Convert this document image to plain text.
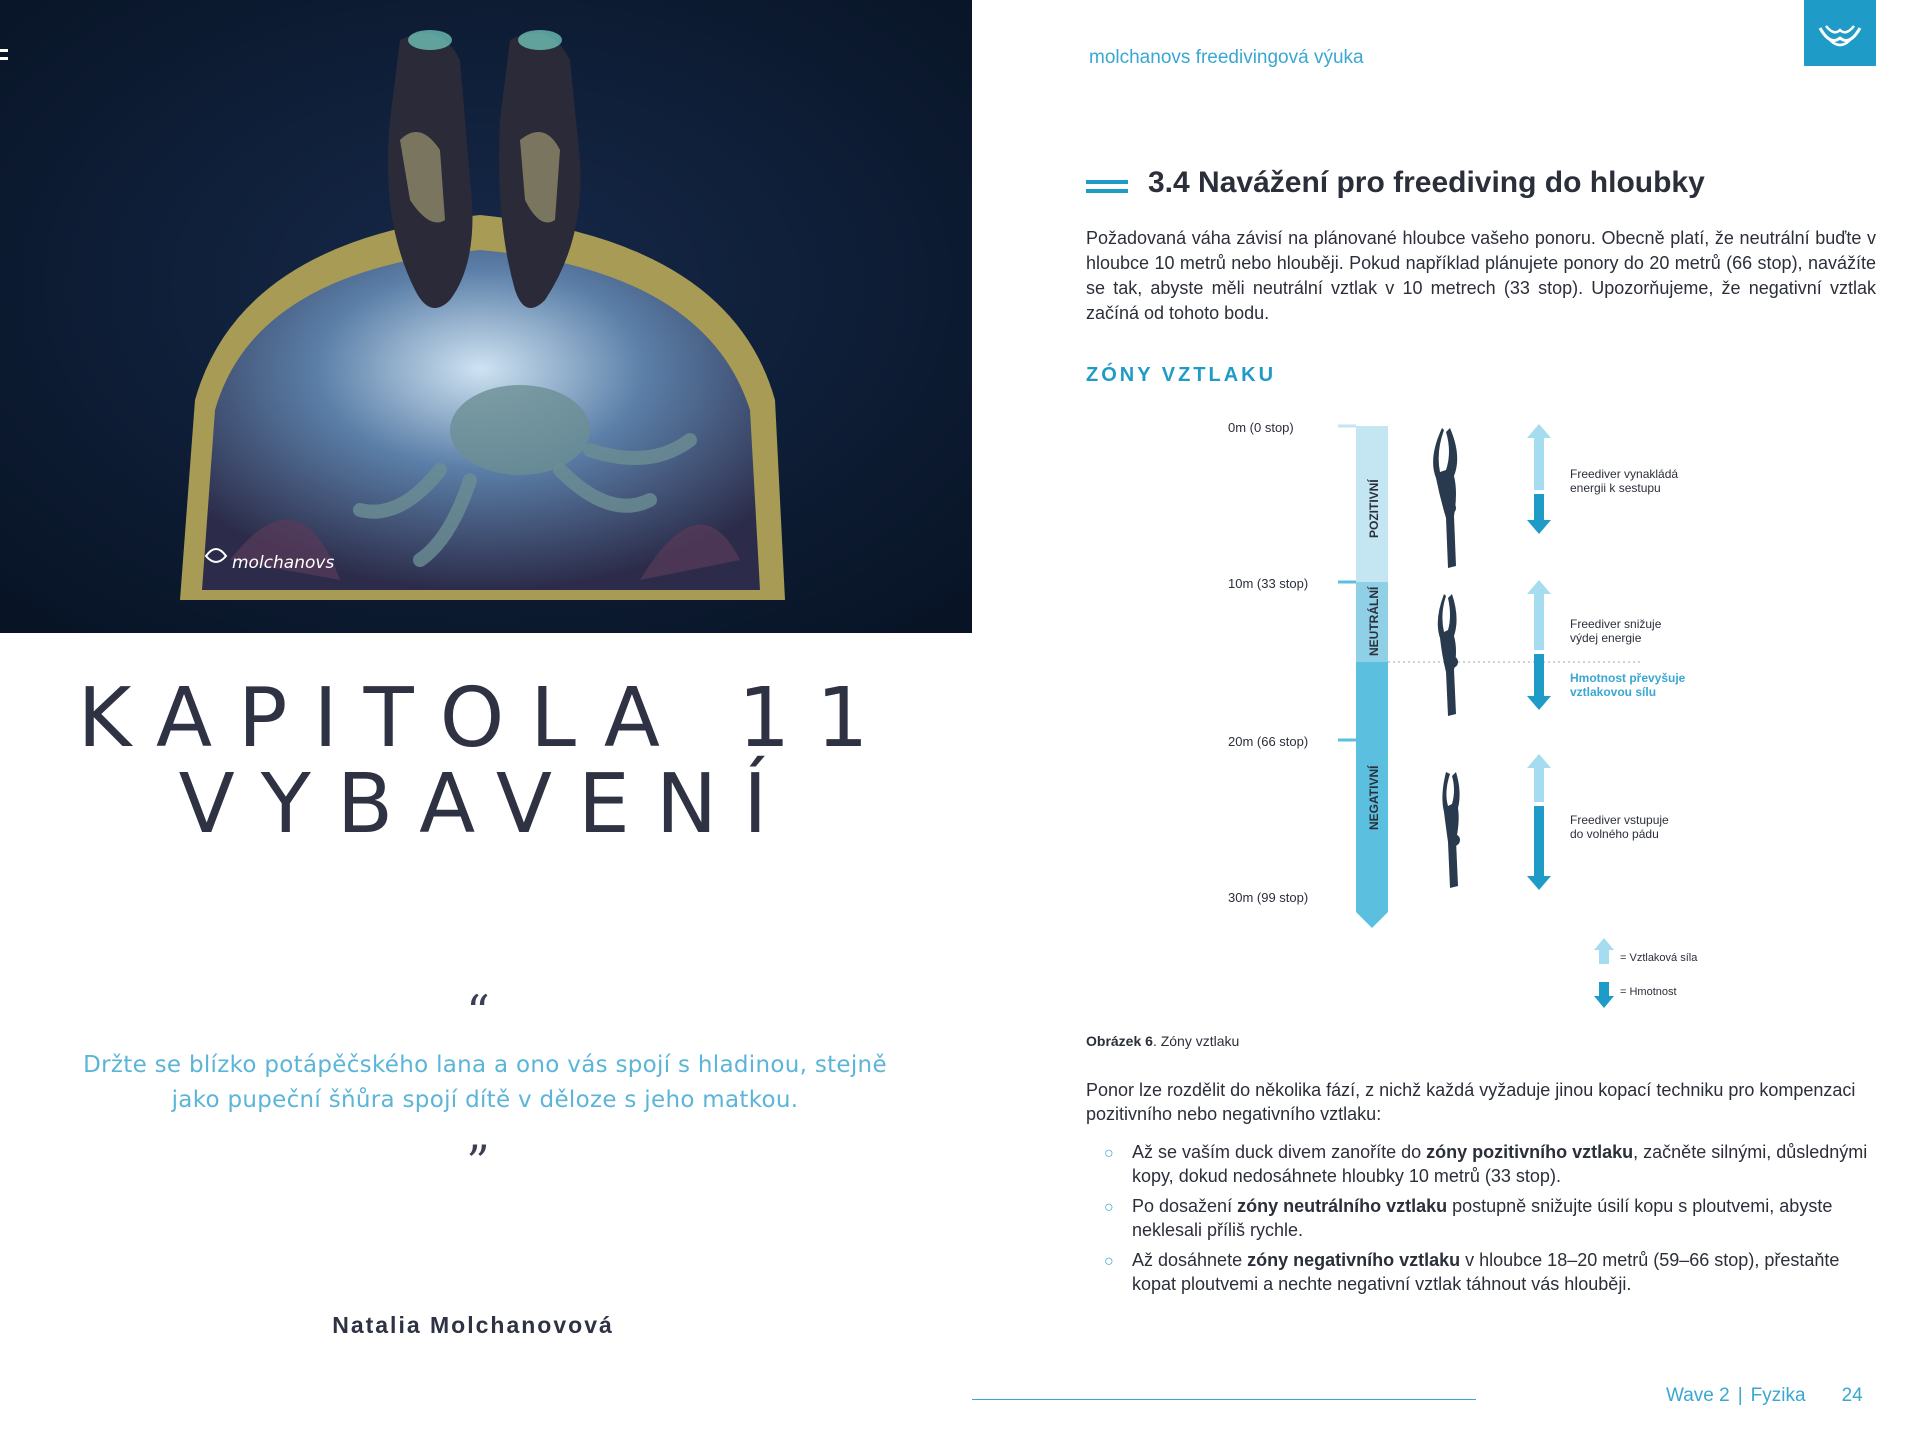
molchanovs
KAPITOLA 11
VYBAVENÍ
“
Držte se blízko potápěčského lana a ono vás spojí s hladinou, stejně jako pupeční šňůra spojí dítě v děloze s jeho matkou.
”
Natalia Molchanovová
molchanovs freedivingová výuka
3.4 Navážení pro freediving do hloubky
Požadovaná váha závisí na plánované hloubce vašeho ponoru. Obecně platí, že neutrální buďte v hloubce 10 metrů nebo hlouběji. Pokud například plánujete ponory do 20 metrů (66 stop), navážíte se tak, abyste měli neutrální vztlak v 10 metrech (33 stop). Upozorňujeme, že negativní vztlak začíná od tohoto bodu.
ZÓNY VZTLAKU
0m (0 stop)
10m (33 stop)
20m (66 stop)
30m (99 stop)
POZITIVNÍ
NEUTRÁLNÍ
NEGATIVNÍ
Freediver vynakládá
energii k sestupu
Freediver snižuje
výdej energie
Hmotnost převyšuje
vztlakovou sílu
Freediver vstupuje
do volného pádu
= Vztlaková síla
= Hmotnost
Obrázek 6. Zóny vztlaku
Ponor lze rozdělit do několika fází, z nichž každá vyžaduje jinou kopací techniku pro kompenzaci pozitivního nebo negativního vztlaku:
○ Až se vaším duck divem zanoříte do zóny pozitivního vztlaku, začněte silnými, důslednými kopy, dokud nedosáhnete hloubky 10 metrů (33 stop).
○ Po dosažení zóny neutrálního vztlaku postupně snižujte úsilí kopu s ploutvemi, abyste neklesali příliš rychle.
○ Až dosáhnete zóny negativního vztlaku v hloubce 18–20 metrů (59–66 stop), přestaňte kopat ploutvemi a nechte negativní vztlak táhnout vás hlouběji.
Wave 2 | Fyzika 24
